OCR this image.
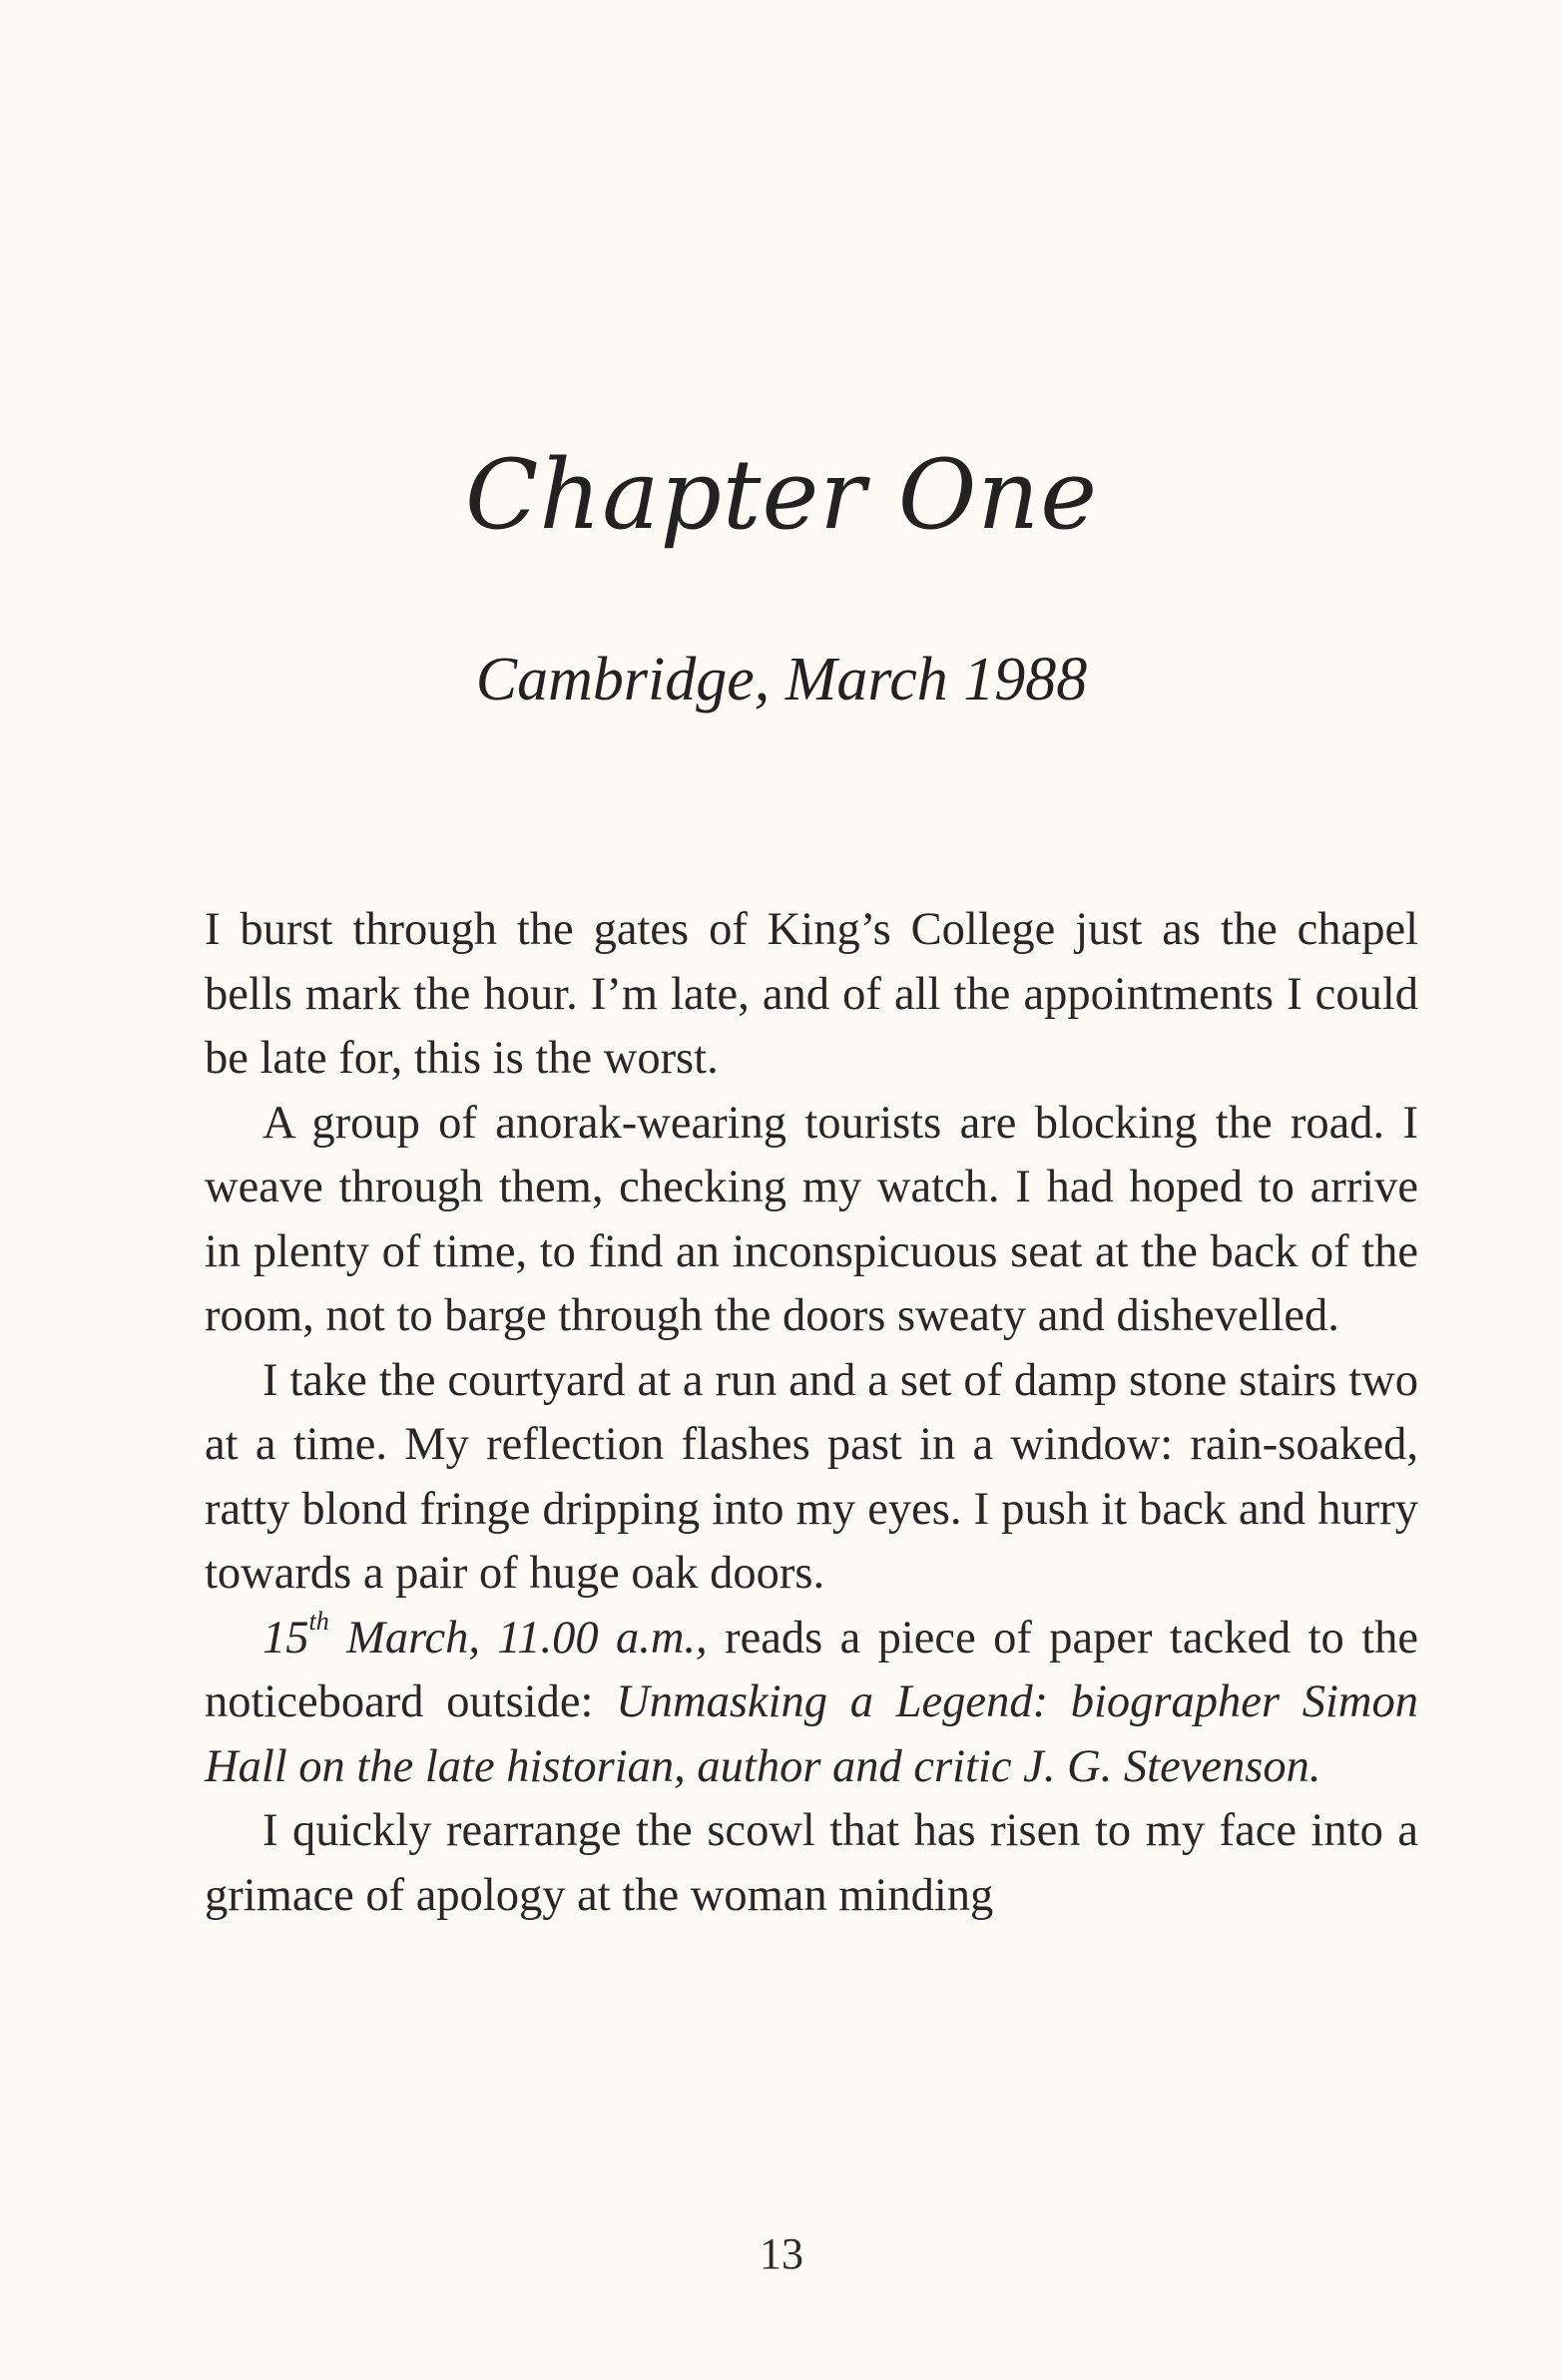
Chapter One
Cambridge, March 1988

I burst through the gates of King’s College just as the chapel bells mark the hour. I’m late, and of all the appointments I could be late for, this is the worst.

A group of anorak-wearing tourists are blocking the road. I weave through them, checking my watch. I had hoped to arrive in plenty of time, to find an inconspicuous seat at the back of the room, not to barge through the doors sweaty and dishevelled.

I take the courtyard at a run and a set of damp stone stairs two at a time. My reflection flashes past in a window: rain-soaked, ratty blond fringe dripping into my eyes. I push it back and hurry towards a pair of huge oak doors.

15th March, 11.00 a.m., reads a piece of paper tacked to the noticeboard outside: Unmasking a Legend: biographer Simon Hall on the late historian, author and critic J. G. Stevenson.

I quickly rearrange the scowl that has risen to my face into a grimace of apology at the woman minding

13
